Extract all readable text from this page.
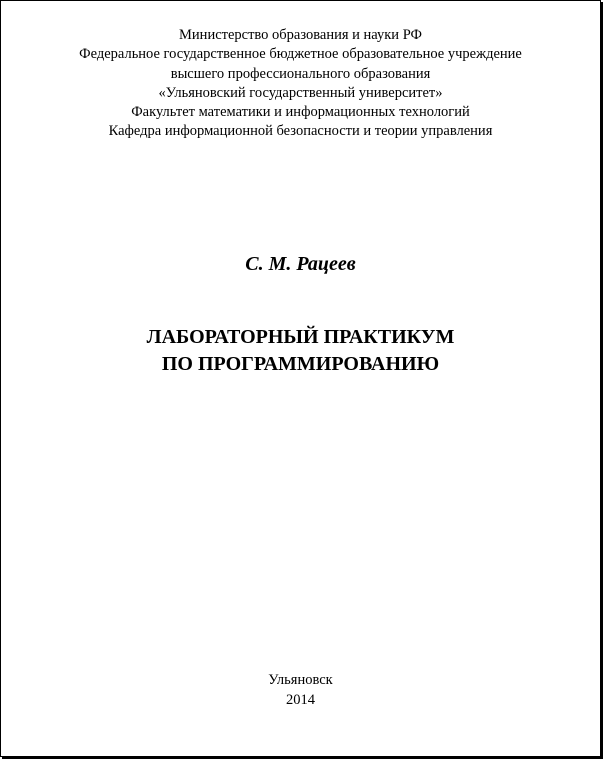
Министерство образования и науки РФ
Федеральное государственное бюджетное образовательное учреждение
высшего профессионального образования
«Ульяновский государственный университет»
Факультет математики и информационных технологий
Кафедра информационной безопасности и теории управления
С. М. Рацеев
ЛАБОРАТОРНЫЙ ПРАКТИКУМ
ПО ПРОГРАММИРОВАНИЮ
Ульяновск
2014
